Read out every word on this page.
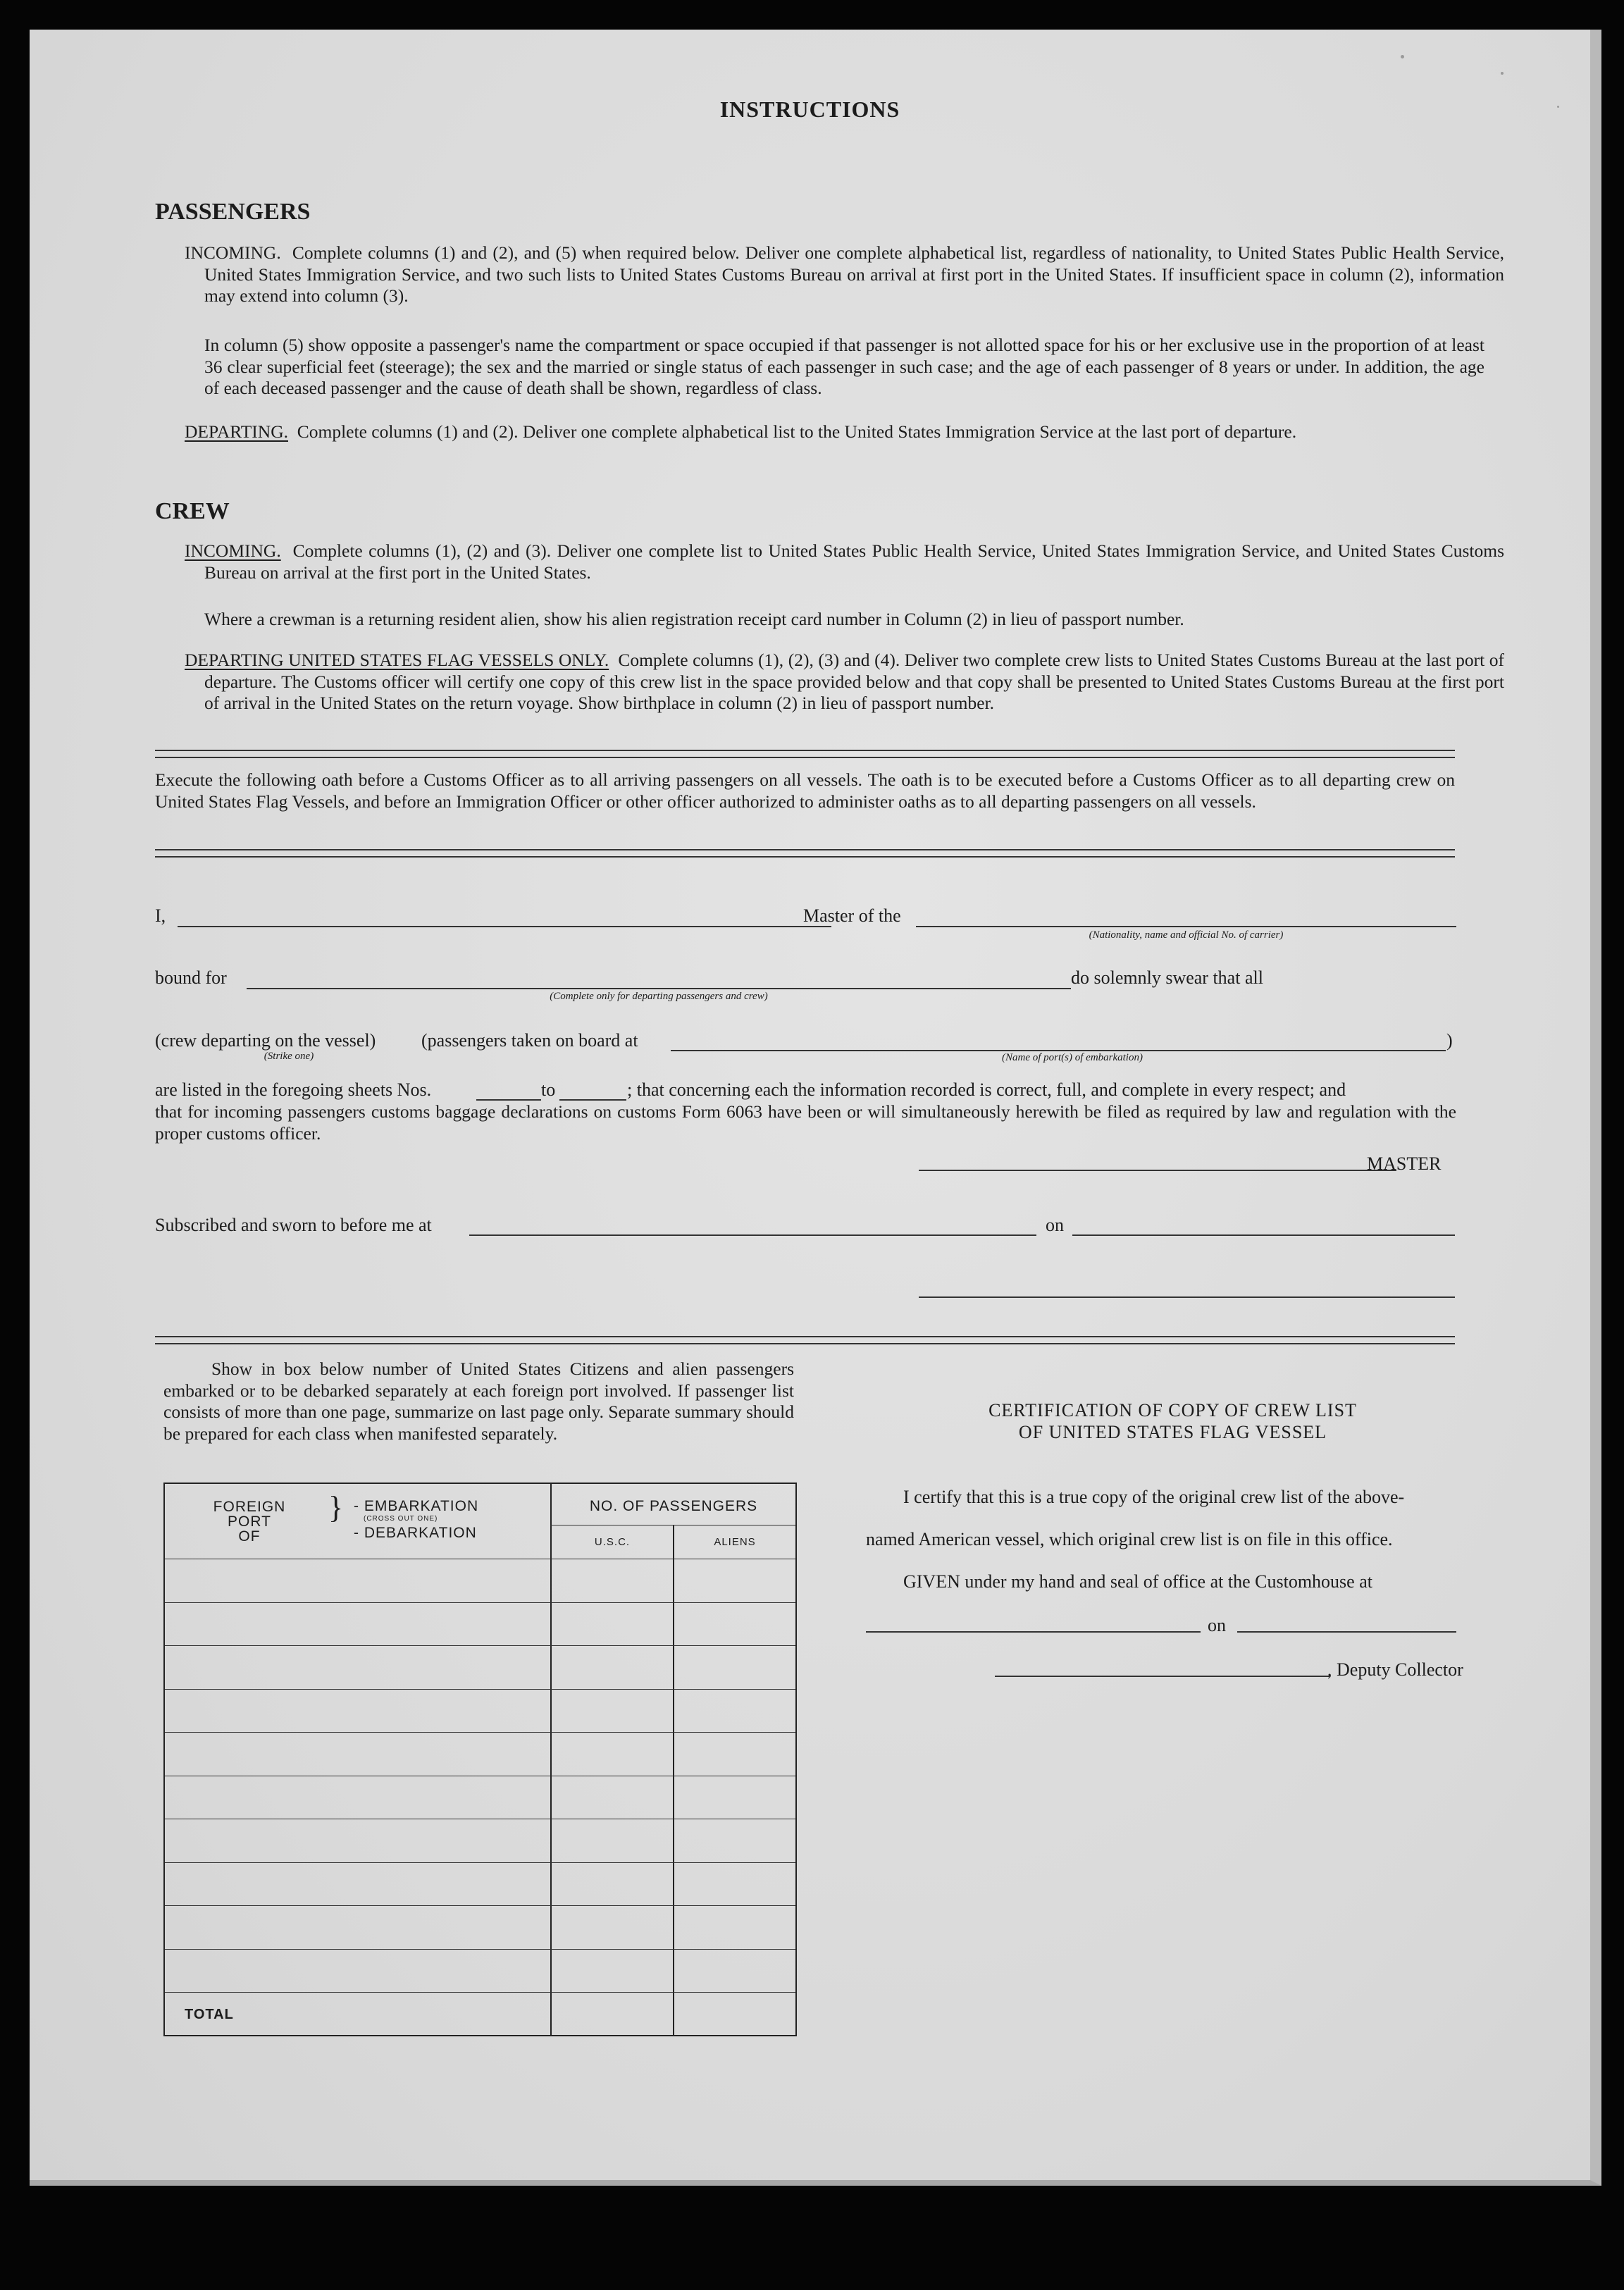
INSTRUCTIONS
PASSENGERS
INCOMING. Complete columns (1) and (2), and (5) when required below. Deliver one complete alphabetical list, regardless of nationality, to United States Public Health Service, United States Immigration Service, and two such lists to United States Customs Bureau on arrival at first port in the United States. If insufficient space in column (2), information may extend into column (3).
In column (5) show opposite a passenger's name the compartment or space occupied if that passenger is not allotted space for his or her exclusive use in the proportion of at least 36 clear superficial feet (steerage); the sex and the married or single status of each passenger in such case; and the age of each passenger of 8 years or under. In addition, the age of each deceased passenger and the cause of death shall be shown, regardless of class.
DEPARTING. Complete columns (1) and (2). Deliver one complete alphabetical list to the United States Immigration Service at the last port of departure.
CREW
INCOMING. Complete columns (1), (2) and (3). Deliver one complete list to United States Public Health Service, United States Immigration Service, and United States Customs Bureau on arrival at the first port in the United States.
Where a crewman is a returning resident alien, show his alien registration receipt card number in Column (2) in lieu of passport number.
DEPARTING UNITED STATES FLAG VESSELS ONLY. Complete columns (1), (2), (3) and (4). Deliver two complete crew lists to United States Customs Bureau at the last port of departure. The Customs officer will certify one copy of this crew list in the space provided below and that copy shall be presented to United States Customs Bureau at the first port of arrival in the United States on the return voyage. Show birthplace in column (2) in lieu of passport number.
Execute the following oath before a Customs Officer as to all arriving passengers on all vessels. The oath is to be executed before a Customs Officer as to all departing crew on United States Flag Vessels, and before an Immigration Officer or other officer authorized to administer oaths as to all departing passengers on all vessels.
I,	Master of the
(Nationality, name and official No. of carrier)
bound for
(Complete only for departing passengers and crew)
do solemnly swear that all
(crew departing on the vessel)
(Strike one)
(passengers taken on board at
(Name of port(s) of embarkation)
)
are listed in the foregoing sheets Nos.	to	; that concerning each the information recorded is correct, full, and complete in every respect; and
that for incoming passengers customs baggage declarations on customs Form 6063 have been or will simultaneously herewith be filed as required by law and regulation with the proper customs officer.
MASTER
Subscribed and sworn to before me at	on
Show in box below number of United States Citizens and alien passengers embarked or to be debarked separately at each foreign port involved. If passenger list consists of more than one page, summarize on last page only. Separate summary should be prepared for each class when manifested separately.
FOREIGN
PORT
OF
} - EMBARKATION
(CROSS OUT ONE)
- DEBARKATION
NO. OF PASSENGERS
U.S.C.	ALIENS
TOTAL
CERTIFICATION OF COPY OF CREW LIST
OF UNITED STATES FLAG VESSEL
I certify that this is a true copy of the original crew list of the above-
named American vessel, which original crew list is on file in this office.
GIVEN under my hand and seal of office at the Customhouse at
on
, Deputy Collector
